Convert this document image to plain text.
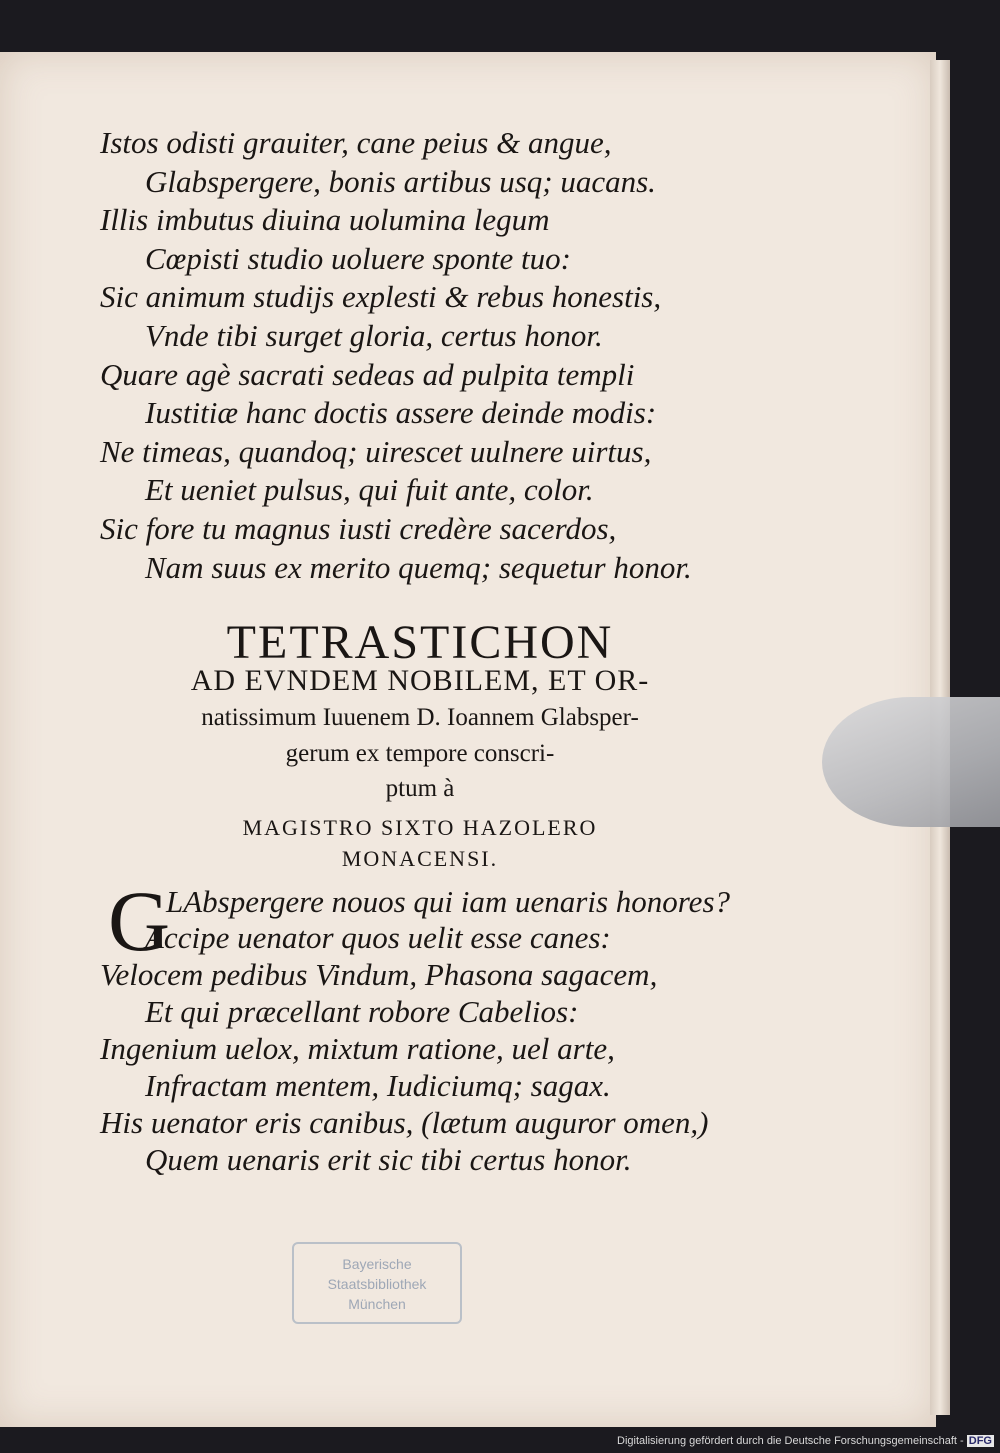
Istos odisti grauiter, cane peius & angue,
Glabspergere, bonis artibus usq; uacans.
Illis imbutus diuina uolumina legum
Cœpisti studio uoluere sponte tuo:
Sic animum studijs explesti & rebus honestis,
Vnde tibi surget gloria, certus honor.
Quare agè sacrati sedeas ad pulpita templi
Iustitiæ hanc doctis assere deinde modis:
Ne timeas, quandoq; uirescet uulnere uirtus,
Et ueniet pulsus, qui fuit ante, color.
Sic fore tu magnus iusti credère sacerdos,
Nam suus ex merito quemq; sequetur honor.
TETRASTICHON
AD EVNDEM NOBILEM, ET OR-
natissimum Iuuenem D. Ioannem Glabsper-
gerum ex tempore conscri-
ptum à
MAGISTRO SIXTO HAZOLERO
MONACENSI.
G
LAbspergere nouos qui iam uenaris honores?
Accipe uenator quos uelit esse canes:
Velocem pedibus Vindum, Phasona sagacem,
Et qui præcellant robore Cabelios:
Ingenium uelox, mixtum ratione, uel arte,
Infractam mentem, Iudiciumq; sagax.
His uenator eris canibus, (lætum auguror omen,)
Quem uenaris erit sic tibi certus honor.
Bayerische
Staatsbibliothek
München
Digitalisierung gefördert durch die Deutsche Forschungsgemeinschaft - DFG
